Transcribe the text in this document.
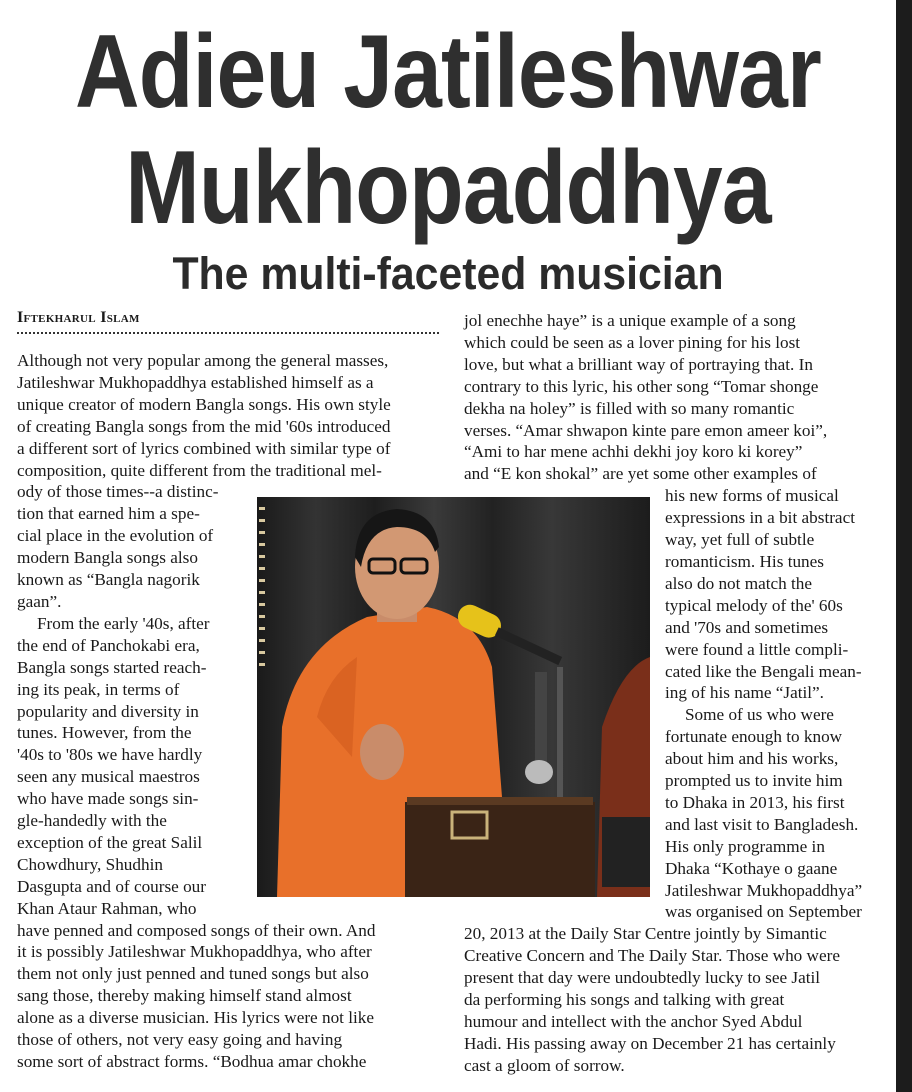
Adieu Jatileshwar
Mukhopaddhya
The multi-faceted musician
Iftekharul Islam

Although not very popular among the general masses,

Jatileshwar Mukhopaddhya established himself as a

unique creator of modern Bangla songs. His own style

of creating Bangla songs from the mid '60s introduced

a different sort of lyrics combined with similar type of

composition, quite different from the traditional mel-

ody of those times--a distinc-

tion that earned him a spe-

cial place in the evolution of

modern Bangla songs also

known as “Bangla nagorik

gaan”.

From the early '40s, after

the end of Panchokabi era,

Bangla songs started reach-

ing its peak, in terms of

popularity and diversity in

tunes. However, from the

'40s to '80s we have hardly

seen any musical maestros

who have made songs sin-

gle-handedly with the

exception of the great Salil

Chowdhury, Shudhin

Dasgupta and of course our

Khan Ataur Rahman, who

have penned and composed songs of their own. And

it is possibly Jatileshwar Mukhopaddhya, who after

them not only just penned and tuned songs but also

sang those, thereby making himself stand almost

alone as a diverse musician. His lyrics were not like

those of others, not very easy going and having

some sort of abstract forms. “Bodhua amar chokhe

jol enechhe haye” is a unique example of a song

which could be seen as a lover pining for his lost

love, but what a brilliant way of portraying that. In

contrary to this lyric, his other song “Tomar shonge

dekha na holey” is filled with so many romantic

verses. “Amar shwapon kinte pare emon ameer koi”,

“Ami to har mene achhi dekhi joy koro ki korey”

and “E kon shokal” are yet some other examples of

his new forms of musical

expressions in a bit abstract

way, yet full of subtle

romanticism. His tunes

also do not match the

typical melody of the' 60s

and '70s and sometimes

were found a little compli-

cated like the Bengali mean-

ing of his name “Jatil”.

Some of us who were

fortunate enough to know

about him and his works,

prompted us to invite him

to Dhaka in 2013, his first

and last visit to Bangladesh.

His only programme in

Dhaka “Kothaye o gaane

Jatileshwar Mukhopaddhya”

was organised on September

20, 2013 at the Daily Star Centre jointly by Simantic

Creative Concern and The Daily Star. Those who were

present that day were undoubtedly lucky to see Jatil

da performing his songs and talking with great

humour and intellect with the anchor Syed Abdul

Hadi. His passing away on December 21 has certainly

cast a gloom of sorrow.
